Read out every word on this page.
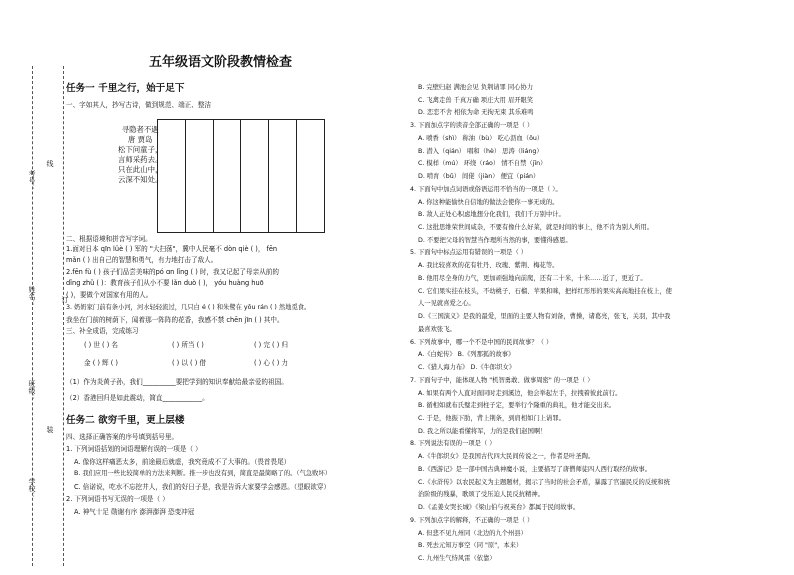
考号：
线
姓名：	订
班级：
装
学校：
五年级语文阶段教情检查
任务一 千里之行，始于足下
一、字如其人，抄写古诗，做到规范、端正、整洁
寻隐者不遇
唐 贾岛
松下问童子，
言师采药去。
只在此山中，
云深不知处。
二、根据语境和拼音写字词。
1.面对日本 qīn lüè ( ) 军的 "大扫荡"，冀中人民毫不 dòn qiè ( )， fēn
mǎn ( ) 出自己的智慧和勇气，有力地打击了敌人。
2.fēn fù ( ) 孩子们品尝美味的pó ɑn lǐng ( ) 时，我又记起了母亲从前的
dǐng zhǔ ( )：教育孩子们从小不要 lǎn duò ( )， yóu huàng huō
( )，要做个对国家有用的人。
3. 奶奶家门前有条小河，河水轻轻流过，几只白 é ( ) 和朱鹭在 yōu rán ( ) 然地觅食。
我坐在门前的树荫下，闻着那一阵阵的花香，我感不禁 chēn jīn ( ) 其中。
三、补全成语，完成练习
( ) 世 ( ) 名	( ) 所当 ( )	( ) 完 ( ) 归
金 ( ) 辉 ( )	( ) 以 ( ) 借	( ) 心 ( ) 力
（1）作为炎黄子孙，我们__________要把学到的知识奉献给最亲爱的祖国。
（2）香港回归是如此震动，简直____________。
任务二 欲穷千里，更上层楼
四、选择正确答案的序号填到括号里。
1. 下列词语括划的词语理解有误的一项是（ ）
A. 像你这样痛恶太多，前途最后就虚，我究竟成不了大事的。（畏首畏尾）
B. 我们应用一些比较简单的方法来判断。推一步也没有到，简直是最简略了的。（气急败坏）
C. 倍诺说，吃水不忘挖井人，我们的好日子是，我是告诉大家要学会感恩。（望眼欲穿）
2. 下列词语书写无误的一项是（ ）
A. 神气十足 勋谢有序 澎湃澎湃 恐变冲冠
B. 完壁归赵 满池会见 负荆请罪 同心协力
C. 飞禽走兽 千真万确 项庄大用 眉开眼笑
D. 恋恋不舍 相依为命 无拘无束 其乐难鸣
3. 下面加点字的读音全部正确的一项是（ ）
A. 喷香（shì） 称油（bù） 吃心沥血（ǒu）
B. 潜入（qián） 唱和（hè） 思涛（liáng）
C. 模样（mú） 环绕（ráo） 情不自禁（jīn）
D. 啃育（bǔ） 间佬（jiàn） 便宜（pián）
4. 下面句中加点词语或俗语运用不恰当的一项是（ ）。
A. 你这种能愉快自信地的做法会使你一事无成的。
B. 敌人正处心积虑地想分化我们，我们千万别中计。
C. 这批思维荣世间咸杂，不要有像什么好菜，就是时间的事上，他不肯为别人所用。
D. 不要把父母的智慧当作理所当然的事，要懂得感恩。
5. 下面句中标点运用有错误的一项是（ ）
A. 我比较喜欢的花有牡丹、玫瑰、紫荆、梅花等。
B. 他用尽全身的力气，更加顽强地向前爬，还有二十米，十米……近了，更近了。
C. 它们果实挂在枝头，不幼桃子、石榴、苹果和咪，把样红彤彤的果实高高地挂在枝上，使
人一见就喜爱之心。
D.《三国演义》是我的最爱，里面的主要人物有刘备，曹操，诸葛亮，张飞，关羽，其中我
最喜欢张飞。
6. 下列故事中，哪一个不是中国的民间故事？（ ）
A.《白蛇传》 B.《列那狐的故事》
C.《猎人海力布》 D.《牛郎织女》
7. 下面句子中，能体现人物 "机智勇敢、做事周密" 的一项是（ ）
A. 如果有两个人直对面同时走到溪边，他会举起左手，拉拽着彼此前行。
B. 循相如就布氏璧走到柱子定，要举行个隆重的典礼，他才能交出来。
C. 于是，他振下肋，背上荆条，到肩相如门上请罪。
D. 我之所以能看懂将军，力的是我们赵国啊！
8. 下列说法有误的一项是（ ）
A.《牛郎织女》是我国古代四大民间传说之一，作者是叶圣陶。
B.《西游记》是一部中国古典神魔小说，主要描写了唐僧师徒四人西行取经的故事。
C.《水浒传》以农民起义为主题题材，揭示了当时的社会矛盾，暴露了官逼民反的反统和统
治阶级的残暴，歌颂了受压迫人民反抗精神。
D.《孟姜女哭长城》《梁山伯与祝英台》都属于民间故事。
9. 下列加点字的解释，不正确的一项是（ ）
A. 但悲不见九州同（北边的九个州县）
B. 死去元知万事空（同 "原"，本来）
C. 九州生气恃风雷（依靠）
